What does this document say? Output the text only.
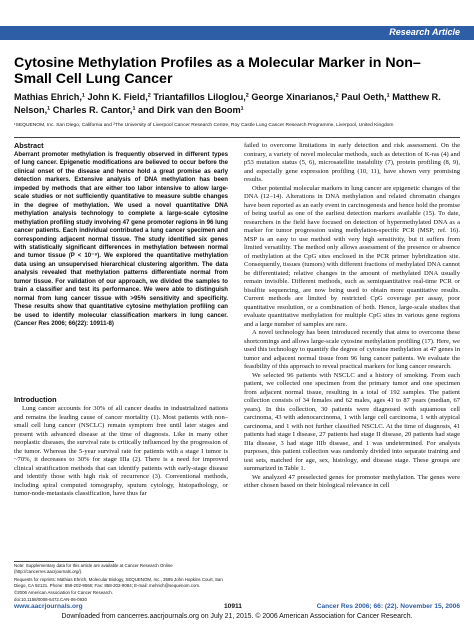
Research Article
Cytosine Methylation Profiles as a Molecular Marker in Non–Small Cell Lung Cancer
Mathias Ehrich,¹ John K. Field,² Triantafillos Liloglou,² George Xinarianos,² Paul Oeth,¹ Matthew R. Nelson,¹ Charles R. Cantor,¹ and Dirk van den Boom¹
¹SEQUENOM, Inc. San Diego, California and ²The University of Liverpool Cancer Research Centre, Roy Castle Lung Cancer Research Programme, Liverpool, United Kingdom
Abstract
Aberrant promoter methylation is frequently observed in different types of lung cancer. Epigenetic modifications are believed to occur before the clinical onset of the disease and hence hold a great promise as early detection markers. Extensive analysis of DNA methylation has been impeded by methods that are either too labor intensive to allow large-scale studies or not sufficiently quantitative to measure subtle changes in the degree of methylation. We used a novel quantitative DNA methylation analysis technology to complete a large-scale cytosine methylation profiling study involving 47 gene promoter regions in 96 lung cancer patients. Each individual contributed a lung cancer specimen and corresponding adjacent normal tissue. The study identified six genes with statistically significant differences in methylation between normal and tumor tissue (P < 10⁻⁹). We explored the quantitative methylation data using an unsupervised hierarchical clustering algorithm. The data analysis revealed that methylation patterns differentiate normal from tumor tissue. For validation of our approach, we divided the samples to train a classifier and test its performance. We were able to distinguish normal from lung cancer tissue with >95% sensitivity and specificity. These results show that quantitative cytosine methylation profiling can be used to identify molecular classification markers in lung cancer. (Cancer Res 2006; 66(22): 10911-8)
Introduction

Lung cancer accounts for 30% of all cancer deaths in industrialized nations and remains the leading cause of cancer mortality (1). Most patients with non–small cell lung cancer (NSCLC) remain symptom free until later stages and present with advanced disease at the time of diagnosis. Like in many other neoplastic diseases, the survival rate is critically influenced by the progression of the tumor. Whereas the 5-year survival rate for patients with a stage I tumor is ~70%, it decreases to 30% for stage IIIa (2). There is a need for improved clinical stratification methods that can identify patients with early-stage disease and identify those with high risk of recurrence (3). Conventional methods, including spiral computed tomography, sputum cytology, histopathology, or tumor-node-metastasis classification, have thus far

Note: Supplementary data for this article are available at Cancer Research Online (http://cancerres.aacrjournals.org/).

Requests for reprints: Mathias Ehrich, Molecular Biology, SEQUENOM, Inc., 3595 John Hopkins Court, San Diego, CA 92121. Phone: 858-202-9066; Fax: 858-202-9084; E-mail: mehrich@sequenom.com.

©2006 American Association for Cancer Research.

doi:10.1158/0008-5472.CAN-06-0930

failed to overcome limitations in early detection and risk assessment. On the contrary, a variety of novel molecular methods, such as detection of K-ras (4) and p53 mutation status (5, 6), microsatellite instability (7), protein profiling (8, 9), and especially gene expression profiling (10, 11), have shown very promising results.

Other potential molecular markers in lung cancer are epigenetic changes of the DNA (12–14). Alterations in DNA methylation and related chromatin changes have been reported as an early event in carcinogenesis and hence hold the promise of being useful as one of the earliest detection markers available (15). To date, researchers in the field have focused on detection of hypermethylated DNA as a marker for tumor progression using methylation-specific PCR (MSP; ref. 16). MSP is an easy to use method with very high sensitivity, but it suffers from limited versatility. The method only allows assessment of the presence or absence of methylation at the CpG sites enclosed in the PCR primer hybridization site. Consequently, tissues (tumors) with different fractions of methylated DNA cannot be differentiated; relative changes in the amount of methylated DNA usually remain invisible. Different methods, such as semiquantitative real-time PCR or bisulfite sequencing, are now being used to obtain more quantitative results. Current methods are limited by restricted CpG coverage per assay, poor quantitative resolution, or a combination of both. Hence, large-scale studies that evaluate quantitative methylation for multiple CpG sites in various gene regions and a large number of samples are rare.

A novel technology has been introduced recently that aims to overcome these shortcomings and allows large-scale cytosine methylation profiling (17). Here, we used this technology to quantify the degree of cytosine methylation at 47 genes in tumor and adjacent normal tissue from 96 lung cancer patients. We evaluate the feasibility of this approach to reveal practical markers for lung cancer research.

We selected 96 patients with NSCLC and a history of smoking. From each patient, we collected one specimen from the primary tumor and one specimen from adjacent normal tissue, resulting in a total of 192 samples. The patient collection consists of 34 females and 62 males, ages 41 to 87 years (median, 67 years). In this collection, 30 patients were diagnosed with squamous cell carcinoma, 43 with adenocarcinoma, 1 with large cell carcinoma, 1 with atypical carcinoma, and 1 with not further classified NSCLC. At the time of diagnosis, 41 patients had stage I disease, 27 patients had stage II disease, 20 patients had stage IIIa disease, 3 had stage IIIb disease, and 1 was undetermined. For analysis purposes, this patient collection was randomly divided into separate training and test sets, matched for age, sex, histology, and disease stage. These groups are summarized in Table 1.

We analyzed 47 preselected genes for promoter methylation. The genes were either chosen based on their biological relevance in cell

www.aacrjournals.org	10911	Cancer Res 2006; 66: (22). November 15, 2006
Downloaded from cancerres.aacrjournals.org on July 21, 2015. © 2006 American Association for Cancer Research.
